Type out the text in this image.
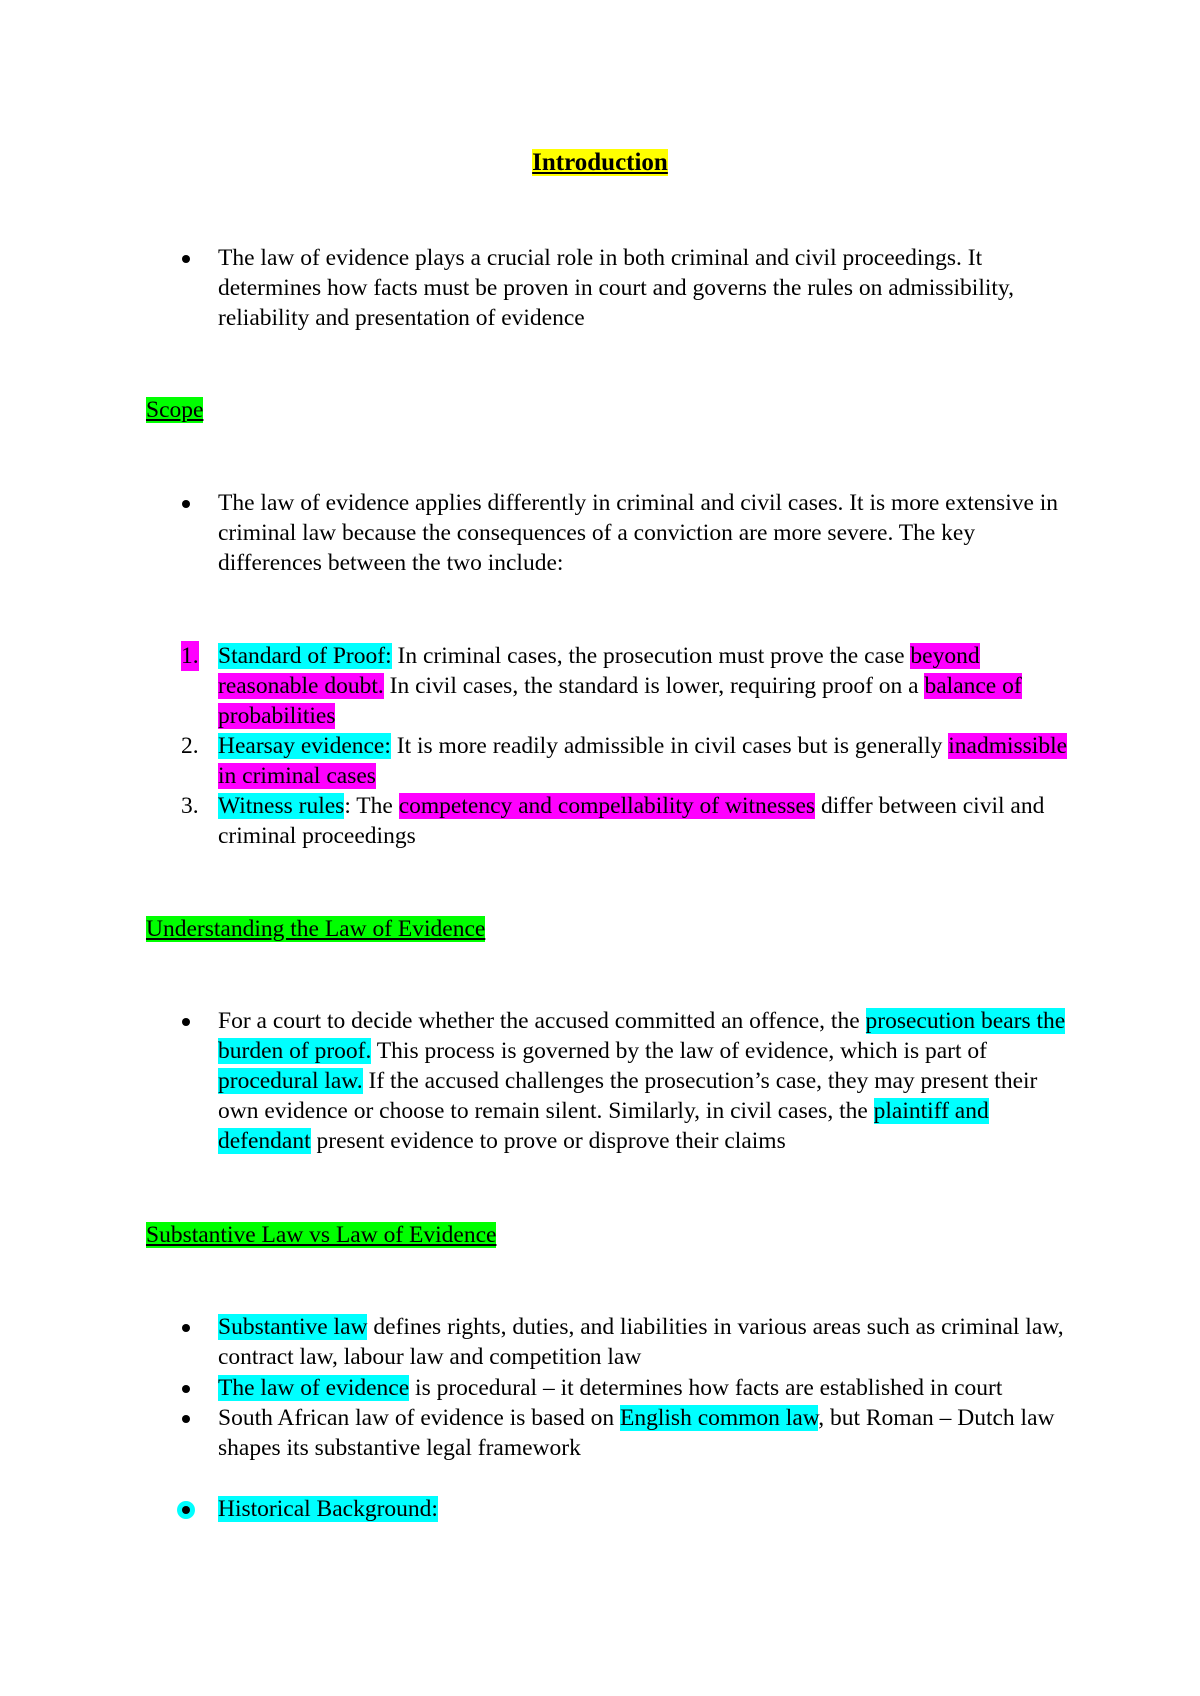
Introduction
The law of evidence plays a crucial role in both criminal and civil proceedings. It determines how facts must be proven in court and governs the rules on admissibility, reliability and presentation of evidence
Scope
The law of evidence applies differently in criminal and civil cases. It is more extensive in criminal law because the consequences of a conviction are more severe. The key differences between the two include:
1. Standard of Proof: In criminal cases, the prosecution must prove the case beyond reasonable doubt. In civil cases, the standard is lower, requiring proof on a balance of probabilities
2. Hearsay evidence: It is more readily admissible in civil cases but is generally inadmissible in criminal cases
3. Witness rules: The competency and compellability of witnesses differ between civil and criminal proceedings
Understanding the Law of Evidence
For a court to decide whether the accused committed an offence, the prosecution bears the burden of proof. This process is governed by the law of evidence, which is part of procedural law. If the accused challenges the prosecution’s case, they may present their own evidence or choose to remain silent. Similarly, in civil cases, the plaintiff and defendant present evidence to prove or disprove their claims
Substantive Law vs Law of Evidence
Substantive law defines rights, duties, and liabilities in various areas such as criminal law, contract law, labour law and competition law
The law of evidence is procedural – it determines how facts are established in court
South African law of evidence is based on English common law, but Roman – Dutch law shapes its substantive legal framework
Historical Background:
